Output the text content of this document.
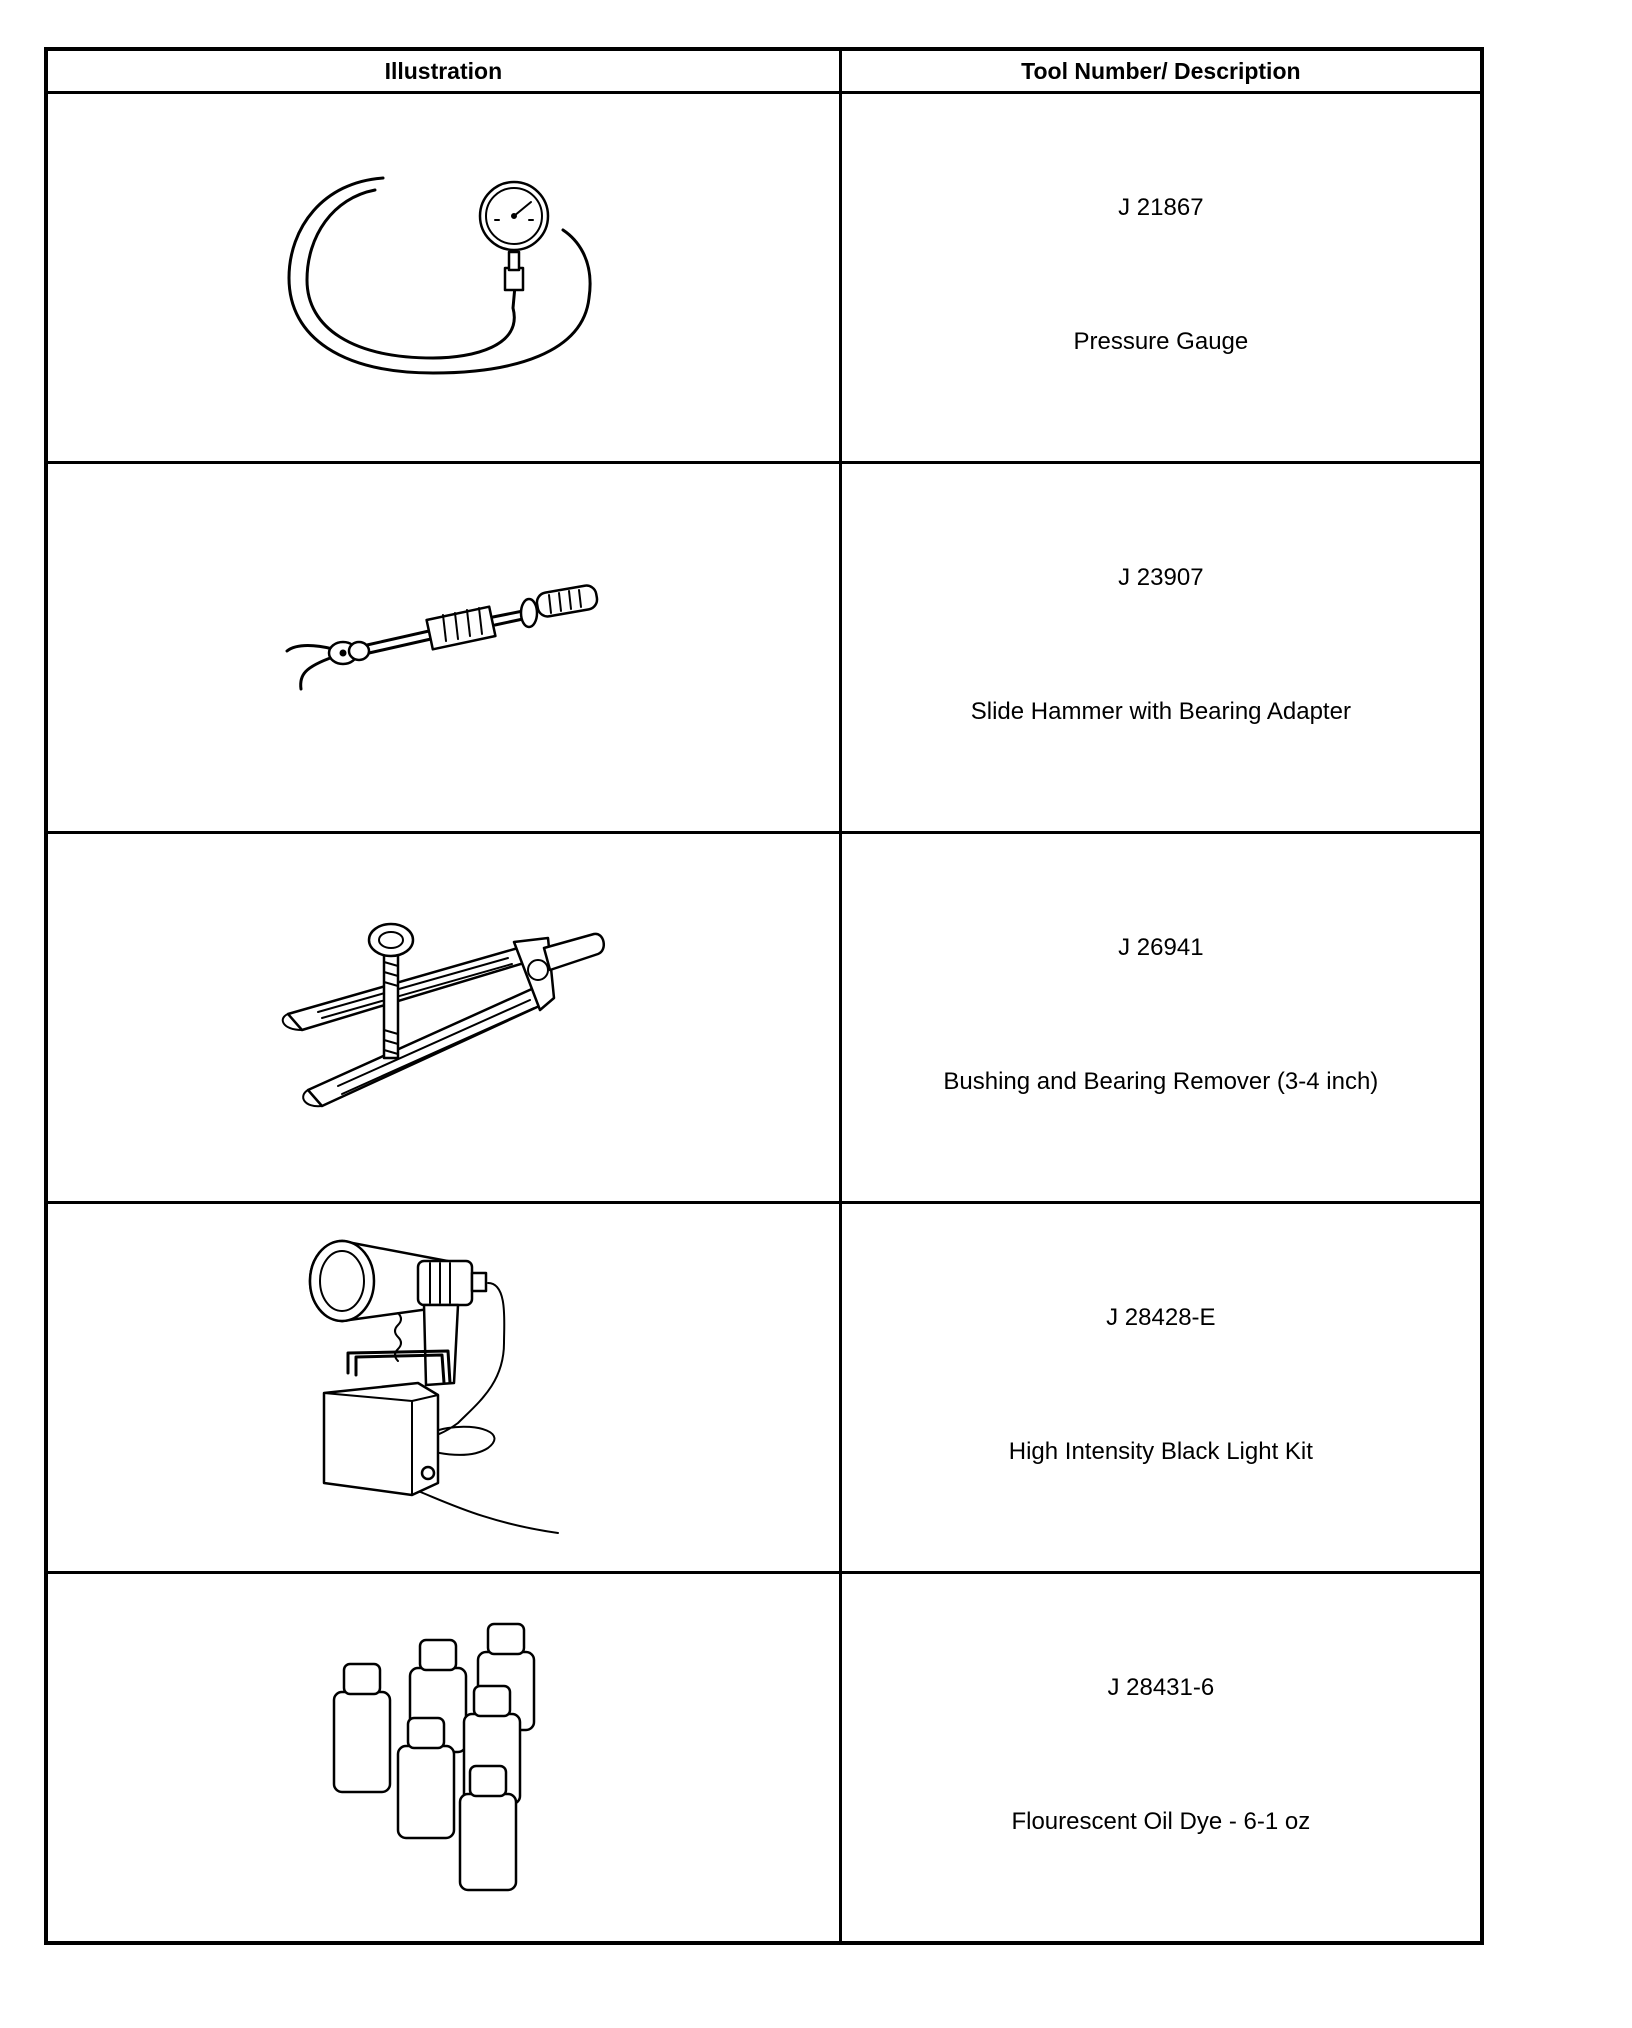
Illustration	Tool Number/ Description

J 21867
Pressure Gauge

J 23907
Slide Hammer with Bearing Adapter

J 26941
Bushing and Bearing Remover (3-4 inch)

J 28428-E
High Intensity Black Light Kit

J 28431-6
Flourescent Oil Dye - 6-1 oz
